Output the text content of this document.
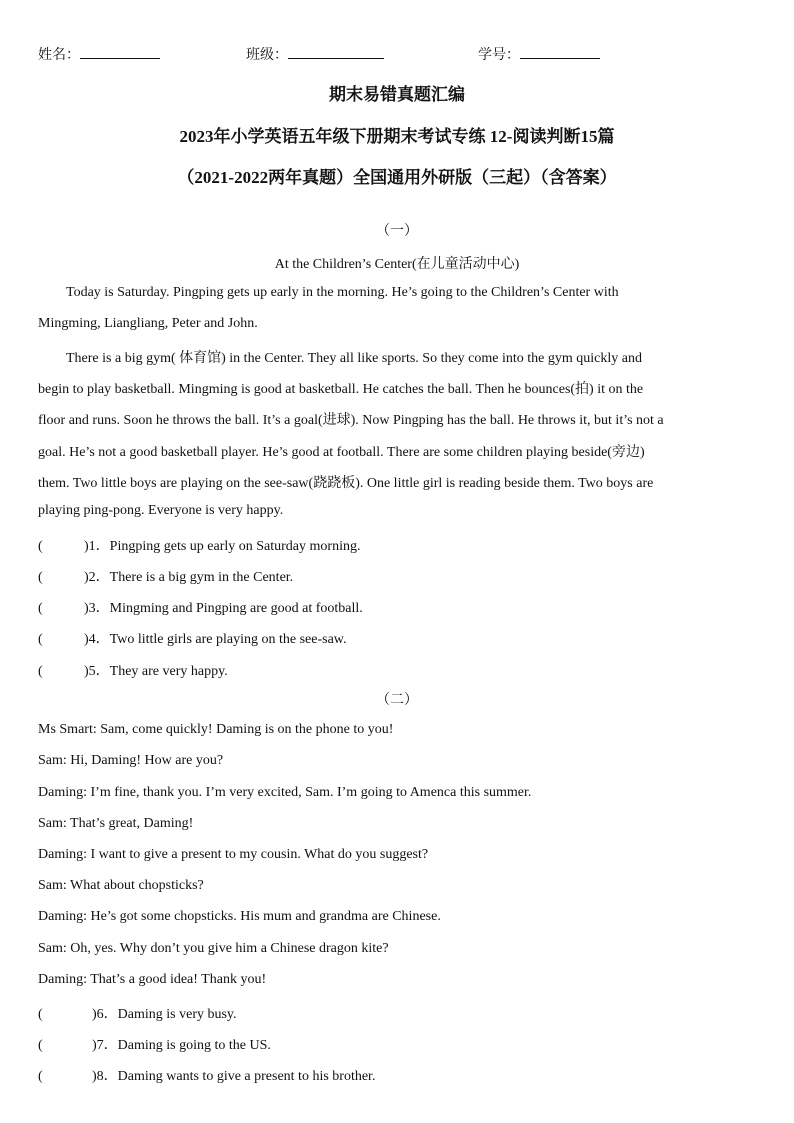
姓名：	班级：	学号：
期末易错真题汇编
2023年小学英语五年级下册期末考试专练 12-阅读判断15篇
（2021-2022两年真题）全国通用外研版（三起）（含答案）
（一）
At the Children’s Center(在儿童活动中心)
Today is Saturday. Pingping gets up early in the morning. He’s going to the Children’s Center with
Mingming, Liangliang, Peter and John.
There is a big gym( 体育馆) in the Center. They all like sports. So they come into the gym quickly and
begin to play basketball. Mingming is good at basketball. He catches the ball. Then he bounces(拍) it on the
floor and runs. Soon he throws the ball. It’s a goal(进球). Now Pingping has the ball. He throws it, but it’s not a
goal. He’s not a good basketball player. He’s good at football. There are some children playing beside(旁边)
them. Two little boys are playing on the see-saw(跷跷板). One little girl is reading beside them. Two boys are
playing ping-pong. Everyone is very happy.
(	)1．Pingping gets up early on Saturday morning.
(	)2．There is a big gym in the Center.
(	)3．Mingming and Pingping are good at football.
(	)4．Two little girls are playing on the see-saw.
(	)5．They are very happy.
（二）
Ms Smart: Sam, come quickly! Daming is on the phone to you!
Sam: Hi, Daming! How are you?
Daming: I’m fine, thank you. I’m very excited, Sam. I’m going to Amenca this summer.
Sam: That’s great, Daming!
Daming: I want to give a present to my cousin. What do you suggest?
Sam: What about chopsticks?
Daming: He’s got some chopsticks. His mum and grandma are Chinese.
Sam: Oh, yes. Why don’t you give him a Chinese dragon kite?
Daming: That’s a good idea! Thank you!
(	)6．Daming is very busy.
(	)7．Daming is going to the US.
(	)8．Daming wants to give a present to his brother.
